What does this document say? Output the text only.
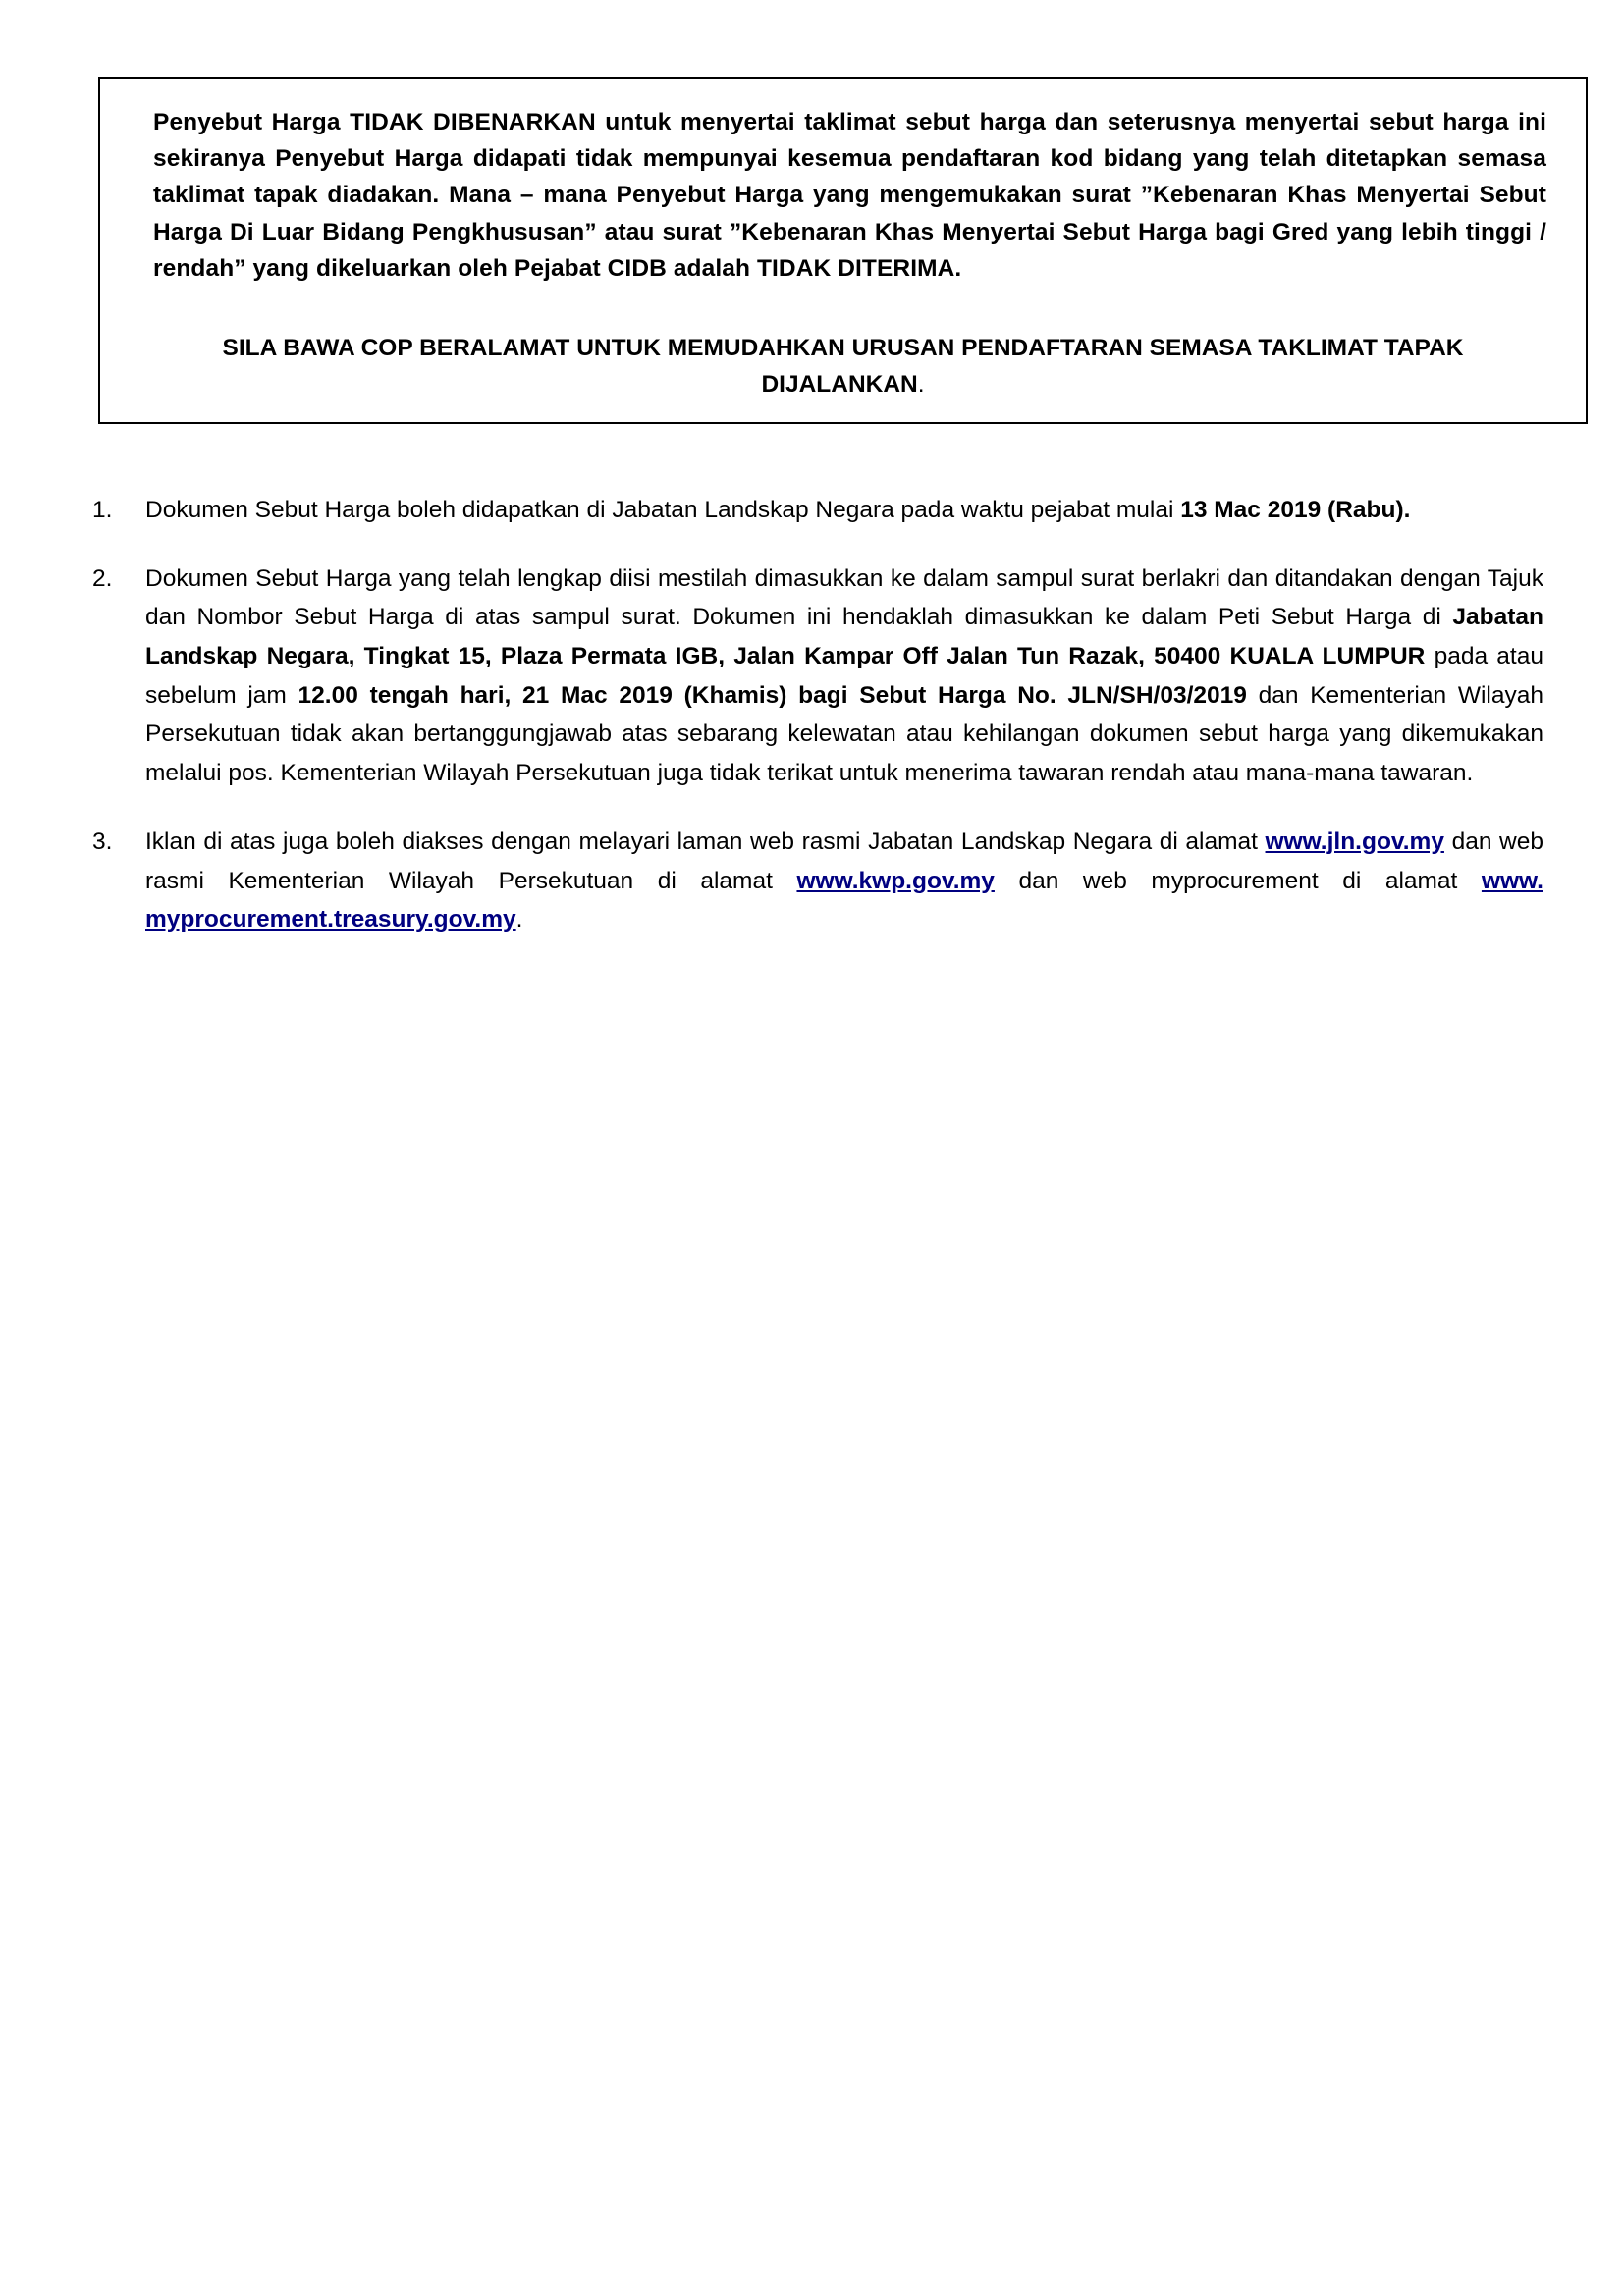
Penyebut Harga TIDAK DIBENARKAN untuk menyertai taklimat sebut harga dan seterusnya menyertai sebut harga ini sekiranya Penyebut Harga didapati tidak mempunyai kesemua pendaftaran kod bidang yang telah ditetapkan semasa taklimat tapak diadakan. Mana – mana Penyebut Harga yang mengemukakan surat ”Kebenaran Khas Menyertai Sebut Harga Di Luar Bidang Pengkhususan” atau surat ”Kebenaran Khas Menyertai Sebut Harga bagi Gred yang lebih tinggi / rendah” yang dikeluarkan oleh Pejabat CIDB adalah TIDAK DITERIMA.

SILA BAWA COP BERALAMAT UNTUK MEMUDAHKAN URUSAN PENDAFTARAN SEMASA TAKLIMAT TAPAK DIJALANKAN.

1.	Dokumen Sebut Harga boleh didapatkan di Jabatan Landskap Negara pada waktu pejabat mulai 13 Mac 2019 (Rabu).
2.	Dokumen Sebut Harga yang telah lengkap diisi mestilah dimasukkan ke dalam sampul surat berlakri dan ditandakan dengan Tajuk dan Nombor Sebut Harga di atas sampul surat. Dokumen ini hendaklah dimasukkan ke dalam Peti Sebut Harga di Jabatan Landskap Negara, Tingkat 15, Plaza Permata IGB, Jalan Kampar Off Jalan Tun Razak, 50400 KUALA LUMPUR pada atau sebelum jam 12.00 tengah hari, 21 Mac 2019 (Khamis) bagi Sebut Harga No. JLN/SH/03/2019 dan Kementerian Wilayah Persekutuan tidak akan bertanggungjawab atas sebarang kelewatan atau kehilangan dokumen sebut harga yang dikemukakan melalui pos. Kementerian Wilayah Persekutuan juga tidak terikat untuk menerima tawaran rendah atau mana-mana tawaran.
3.	Iklan di atas juga boleh diakses dengan melayari laman web rasmi Jabatan Landskap Negara di alamat www.jln.gov.my dan web rasmi Kementerian Wilayah Persekutuan di alamat www.kwp.gov.my dan web myprocurement di alamat www. myprocurement.treasury.gov.my.
